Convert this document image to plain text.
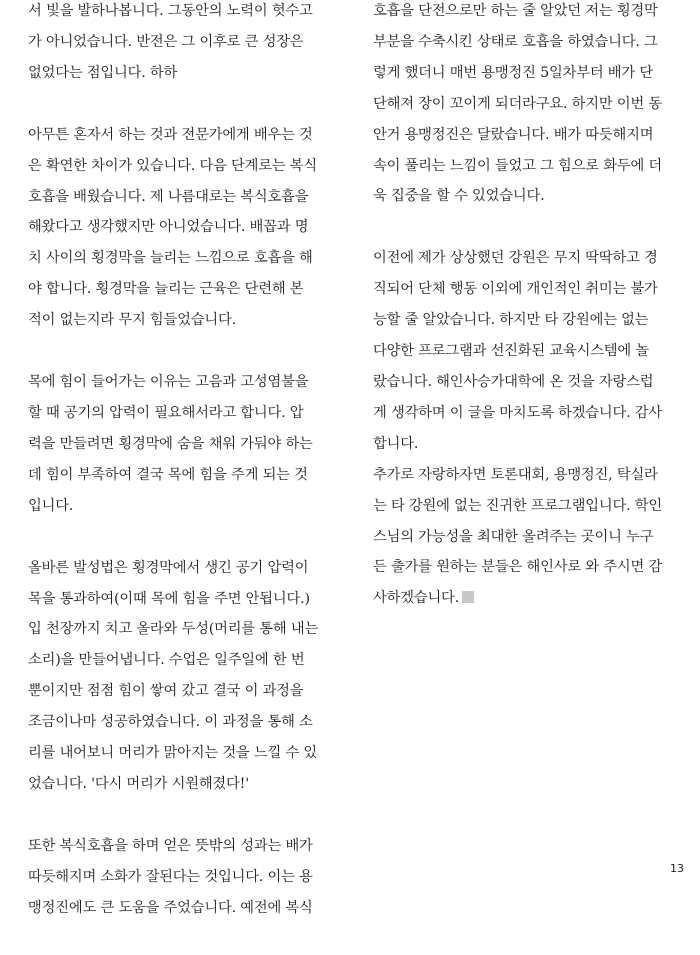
서 빛을 발하나봅니다. 그동안의 노력이 헛수고
가 아니었습니다. 반전은 그 이후로 큰 성장은
없었다는 점입니다. 하하

아무튼 혼자서 하는 것과 전문가에게 배우는 것
은 확연한 차이가 있습니다. 다음 단계로는 복식
호흡을 배웠습니다. 제 나름대로는 복식호흡을
해왔다고 생각했지만 아니었습니다. 배꼽과 명
치 사이의 횡경막을 늘리는 느낌으로 호흡을 해
야 합니다. 횡경막을 늘리는 근육은 단련해 본
적이 없는지라 무지 힘들었습니다.

목에 힘이 들어가는 이유는 고음과 고성염불을
할 때 공기의 압력이 필요해서라고 합니다. 압
력을 만들려면 횡경막에 숨을 채워 가둬야 하는
데 힘이 부족하여 결국 목에 힘을 주게 되는 것
입니다.

올바른 발성법은 횡경막에서 생긴 공기 압력이
목을 통과하여(이때 목에 힘을 주면 안됩니다.)
입 천장까지 치고 올라와 두성(머리를 통해 내는
소리)을 만들어냅니다. 수업은 일주일에 한 번
뿐이지만 점점 힘이 쌓여 갔고 결국 이 과정을
조금이나마 성공하였습니다. 이 과정을 통해 소
리를 내어보니 머리가 맑아지는 것을 느낄 수 있
었습니다. '다시 머리가 시원해졌다!'

또한 복식호흡을 하며 얻은 뜻밖의 성과는 배가
따듯해지며 소화가 잘된다는 것입니다. 이는 용
맹정진에도 큰 도움을 주었습니다. 예전에 복식

호흡을 단전으로만 하는 줄 알았던 저는 횡경막
부분을 수축시킨 상태로 호흡을 하였습니다. 그
렇게 했더니 매번 용맹정진 5일차부터 배가 단
단해져 장이 꼬이게 되더라구요. 하지만 이번 동
안거 용맹정진은 달랐습니다. 배가 따듯해지며
속이 풀리는 느낌이 들었고 그 힘으로 화두에 더
욱 집중을 할 수 있었습니다.

이전에 제가 상상했던 강원은 무지 딱딱하고 경
직되어 단체 행동 이외에 개인적인 취미는 불가
능할 줄 알았습니다. 하지만 타 강원에는 없는
다양한 프로그램과 선진화된 교육시스템에 놀
랐습니다. 해인사승가대학에 온 것을 자랑스럽
게 생각하며 이 글을 마치도록 하겠습니다. 감사
합니다.

추가로 자랑하자면 토론대회, 용맹정진, 탁실라
는 타 강원에 없는 진귀한 프로그램입니다. 학인
스님의 가능성을 최대한 올려주는 곳이니 누구
든 출가를 원하는 분들은 해인사로 와 주시면 감
사하겠습니다.

13
